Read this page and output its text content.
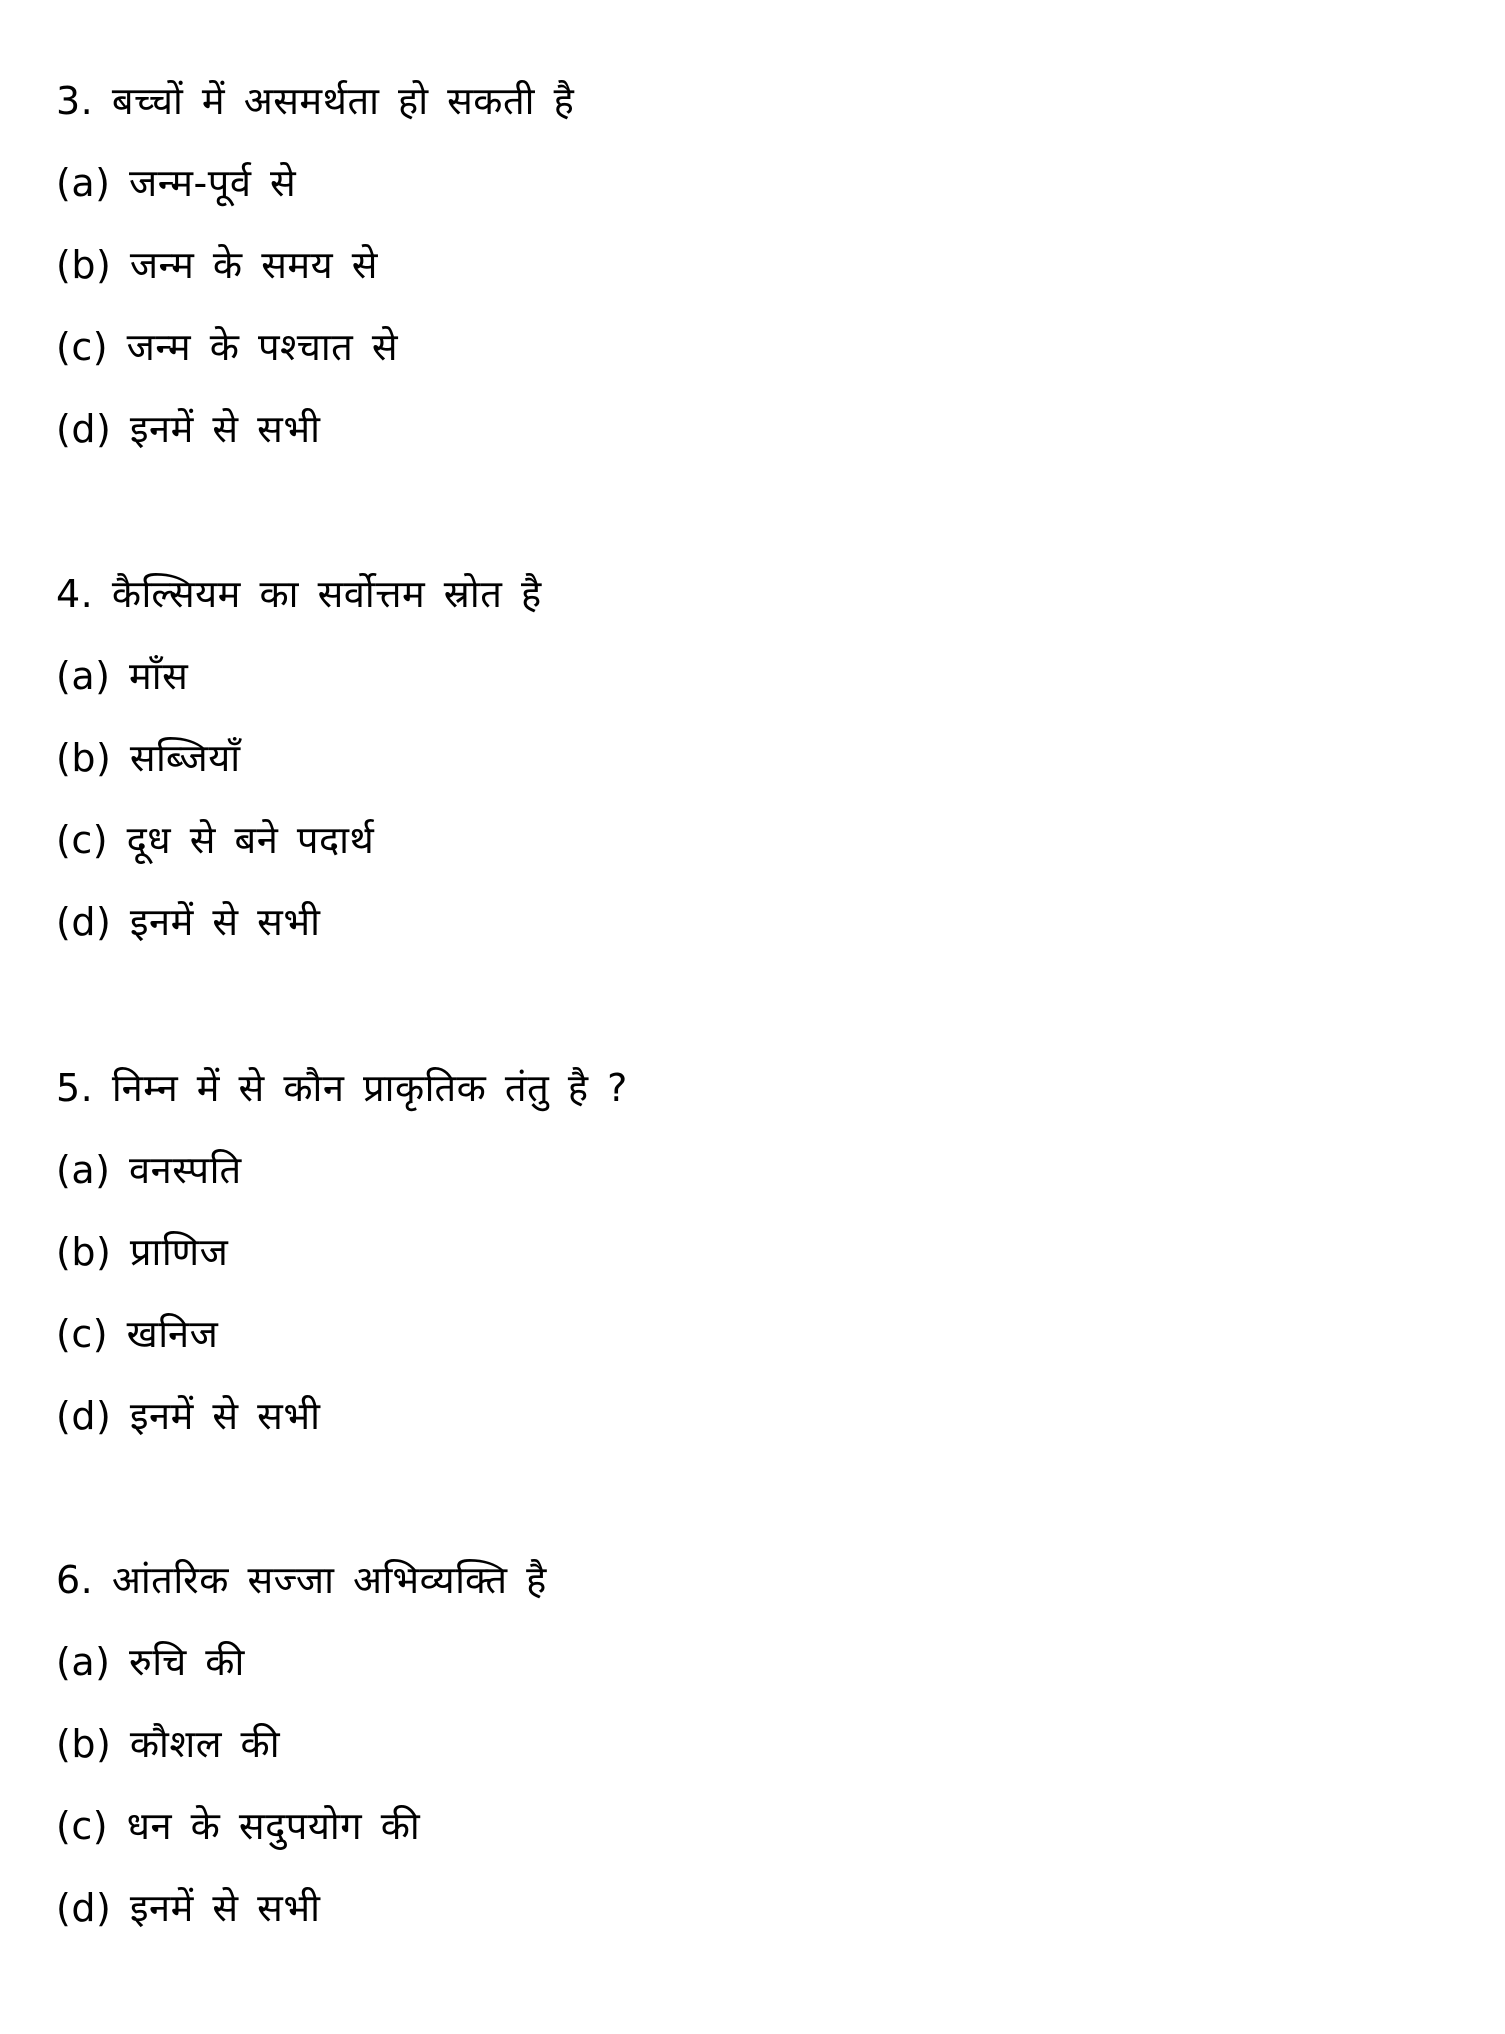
3. बच्चों में असमर्थता हो सकती है
(a) जन्म-पूर्व से
(b) जन्म के समय से
(c) जन्म के पश्चात से
(d) इनमें से सभी
4. कैल्सियम का सर्वोत्तम स्रोत है
(a) माँस
(b) सब्जियाँ
(c) दूध से बने पदार्थ
(d) इनमें से सभी
5. निम्न में से कौन प्राकृतिक तंतु है ?
(a) वनस्पति
(b) प्राणिज
(c) खनिज
(d) इनमें से सभी
6. आंतरिक सज्जा अभिव्यक्ति है
(a) रुचि की
(b) कौशल की
(c) धन के सदुपयोग की
(d) इनमें से सभी
